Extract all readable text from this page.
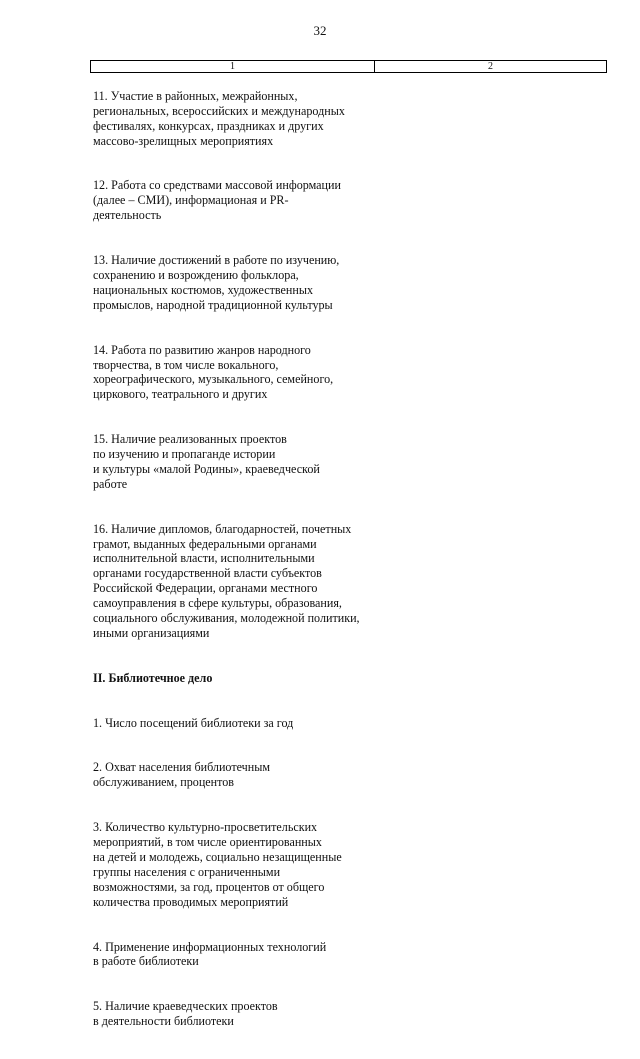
32
1	2

11. Участие в районных, межрайонных,
региональных, всероссийских и международных
фестивалях, конкурсах, праздниках и других
массово-зрелищных мероприятиях

12. Работа со средствами массовой информации
(далее – СМИ), информационая и PR-
деятельность

13. Наличие достижений в работе по изучению,
сохранению и возрождению фольклора,
национальных костюмов, художественных
промыслов, народной традиционной культуры

14. Работа по развитию жанров народного
творчества, в том числе вокального,
хореографического, музыкального, семейного,
циркового, театрального и других

15. Наличие реализованных проектов
по изучению и пропаганде истории
и культуры «малой Родины», краеведческой
работе

16. Наличие дипломов, благодарностей, почетных
грамот, выданных федеральными органами
исполнительной власти, исполнительными
органами государственной власти субъектов
Российской Федерации, органами местного
самоуправления в сфере культуры, образования,
социального обслуживания, молодежной политики,
иными организациями

II. Библиотечное дело

1. Число посещений библиотеки за год

2. Охват населения библиотечным
обслуживанием, процентов

3. Количество культурно-просветительских
мероприятий, в том числе ориентированных
на детей и молодежь, социально незащищенные
группы населения с ограниченными
возможностями, за год, процентов от общего
количества проводимых мероприятий

4. Применение информационных технологий
в работе библиотеки

5. Наличие краеведческих проектов
в деятельности библиотеки
